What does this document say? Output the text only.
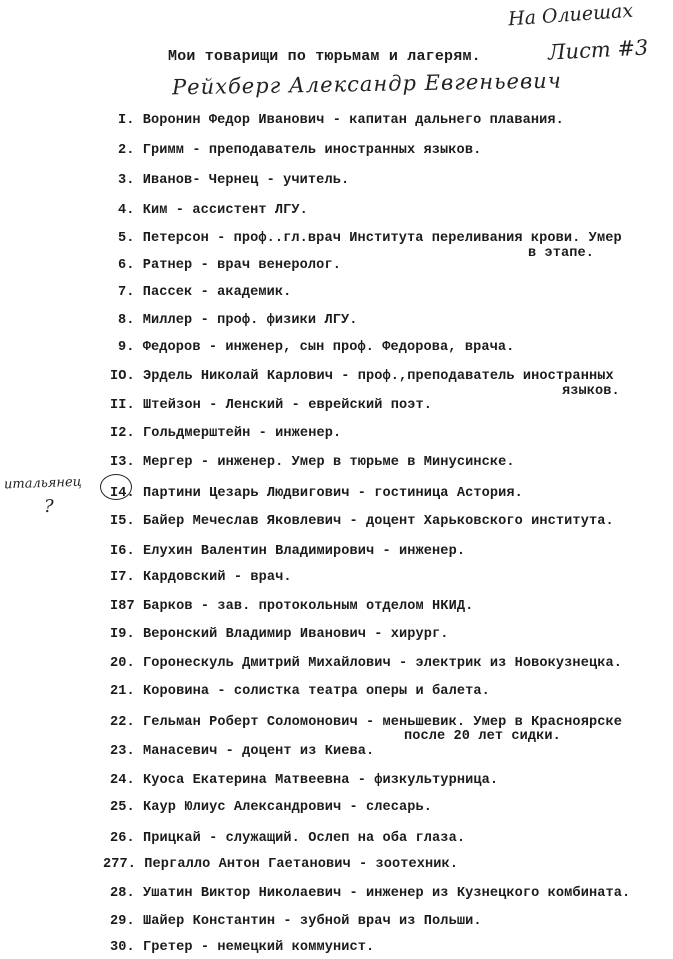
На Олиешах
Лист #3
Мои товарищи по тюрьмам и лагерям.
Рейхберг Александр Евгеньевич
итальянец
?
I. Воронин Федор Иванович - капитан дальнего плавания.
2. Гримм - преподаватель иностранных языков.
3. Иванов- Чернец - учитель.
4. Ким - ассистент ЛГУ.
5. Петерсон - проф..гл.врач Института переливания крови. Умер
в этапе.
6. Ратнер - врач венеролог.
7. Пассек - академик.
8. Миллер - проф. физики ЛГУ.
9. Федоров - инженер, сын проф. Федорова, врача.
IO. Эрдель Николай Карлович - проф.,преподаватель иностранных
языков.
II. Штейзон - Ленский - еврейский поэт.
I2. Гольдмерштейн - инженер.
I3. Мергер - инженер. Умер в тюрьме в Минусинске.
I4. Партини Цезарь Людвигович - гостиница Астория.
I5. Байер Мечеслав Яковлевич - доцент Харьковского института.
I6. Елухин Валентин Владимирович - инженер.
I7. Кардовский - врач.
I87 Барков - зав. протокольным отделом НКИД.
I9. Веронский Владимир Иванович - хирург.
20. Горонескуль Дмитрий Михайлович - электрик из Новокузнецка.
21. Коровина - солистка театра оперы и балета.
22. Гельман Роберт Соломонович - меньшевик. Умер в Красноярске
после 20 лет сидки.
23. Манасевич - доцент из Киева.
24. Куоса Екатерина Матвеевна - физкультурница.
25. Каур Юлиус Александрович - слесарь.
26. Прицкай - служащий. Ослеп на оба глаза.
277. Пергалло Антон Гаетанович - зоотехник.
28. Ушатин Виктор Николаевич - инженер из Кузнецкого комбината.
29. Шайер Константин - зубной врач из Польши.
30. Гретер - немецкий коммунист.
